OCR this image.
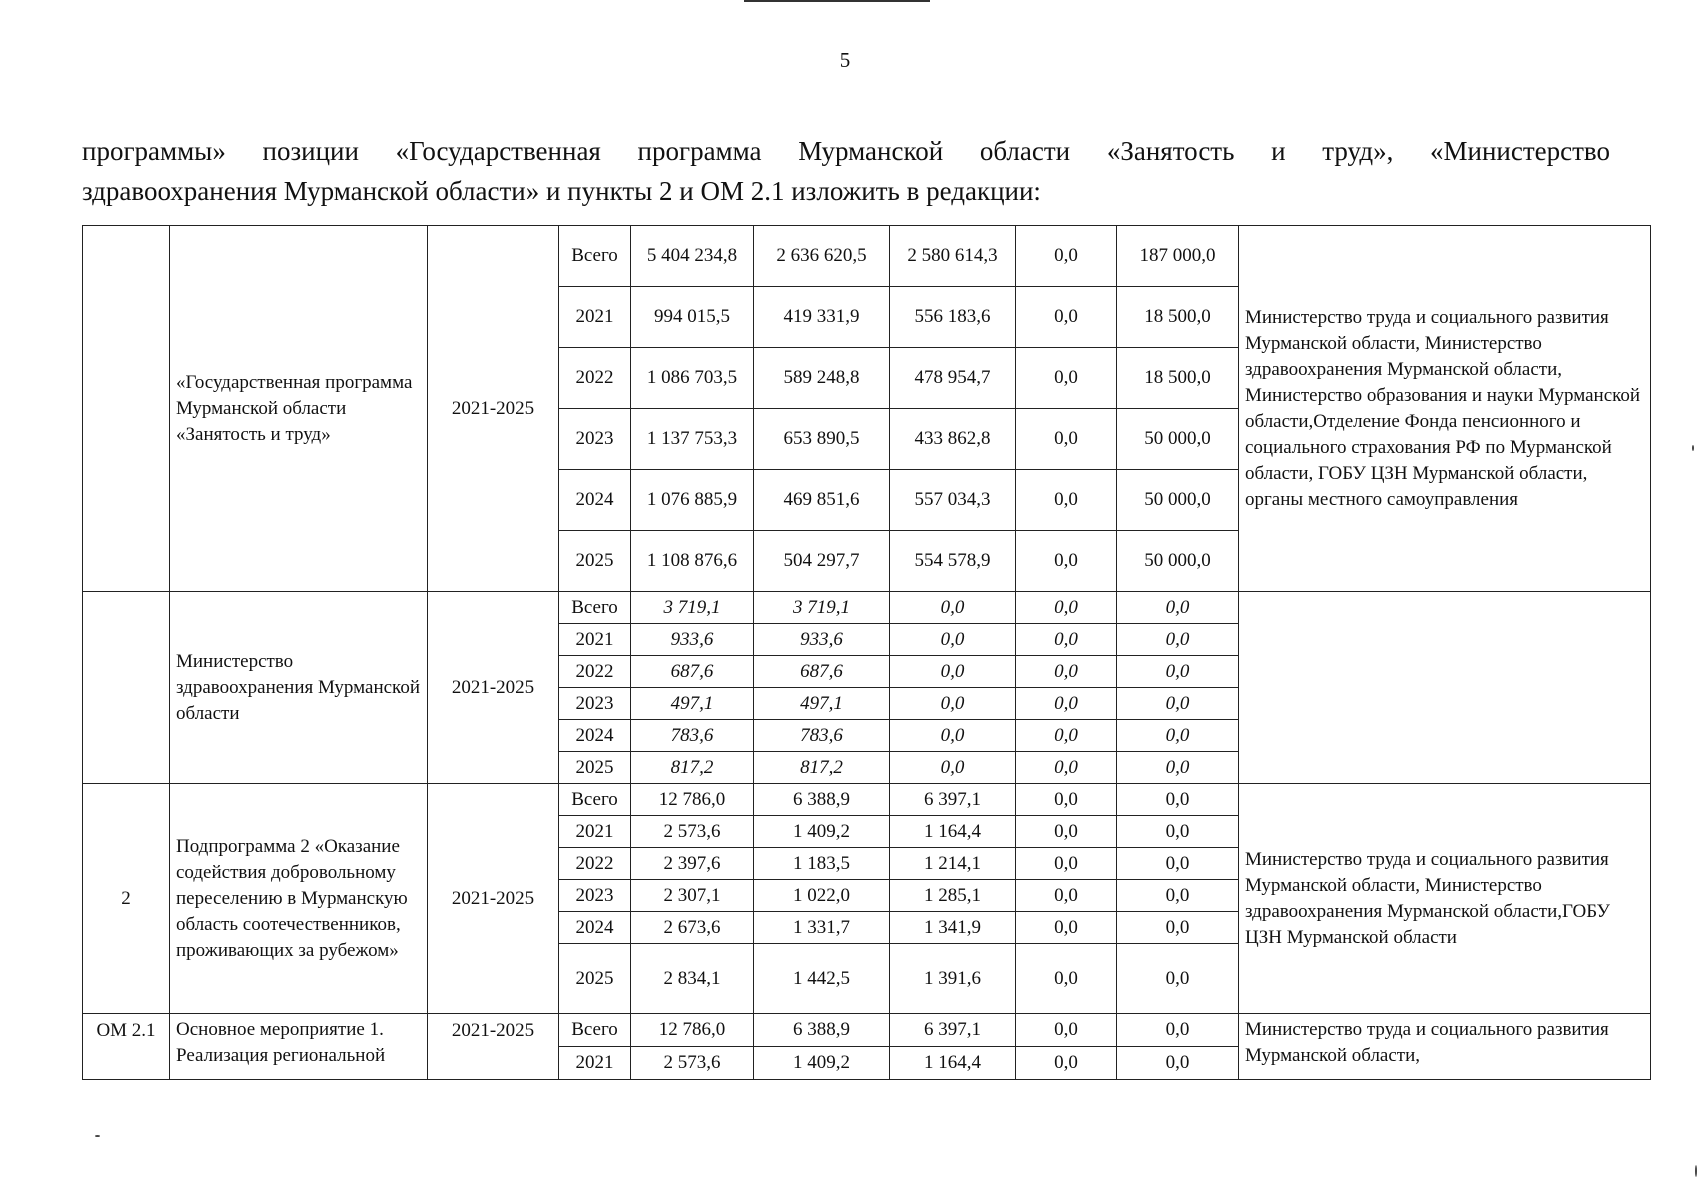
5
программы» позиции «Государственная программа Мурманской области «Занятость и труд», «Министерство
здравоохранения Мурманской области» и пункты 2 и ОМ 2.1 изложить в редакции:
	«Государственная программа Мурманской области «Занятость и труд»	2021-2025	Всего	5 404 234,8	2 636 620,5	2 580 614,3	0,0	187 000,0	Министерство труда и социального развития Мурманской области, Министерство здравоохранения Мурманской области, Министерство образования и науки Мурманской области,Отделение Фонда пенсионного и социального страхования РФ по Мурманской области, ГОБУ ЦЗН Мурманской области, органы местного самоуправления
			2021	994 015,5	419 331,9	556 183,6	0,0	18 500,0	
			2022	1 086 703,5	589 248,8	478 954,7	0,0	18 500,0	
			2023	1 137 753,3	653 890,5	433 862,8	0,0	50 000,0	
			2024	1 076 885,9	469 851,6	557 034,3	0,0	50 000,0	
			2025	1 108 876,6	504 297,7	554 578,9	0,0	50 000,0	
	Министерство здравоохранения Мурманской области	2021-2025	Всего	3 719,1	3 719,1	0,0	0,0	0,0	
			2021	933,6	933,6	0,0	0,0	0,0	
			2022	687,6	687,6	0,0	0,0	0,0	
			2023	497,1	497,1	0,0	0,0	0,0	
			2024	783,6	783,6	0,0	0,0	0,0	
			2025	817,2	817,2	0,0	0,0	0,0	
2	Подпрограмма 2 «Оказание содействия добровольному переселению в Мурманскую область соотечественников, проживающих за рубежом»	2021-2025	Всего	12 786,0	6 388,9	6 397,1	0,0	0,0	Министерство труда и социального развития Мурманской области, Министерство здравоохранения Мурманской области,ГОБУ ЦЗН Мурманской области
			2021	2 573,6	1 409,2	1 164,4	0,0	0,0	
			2022	2 397,6	1 183,5	1 214,1	0,0	0,0	
			2023	2 307,1	1 022,0	1 285,1	0,0	0,0	
			2024	2 673,6	1 331,7	1 341,9	0,0	0,0	
			2025	2 834,1	1 442,5	1 391,6	0,0	0,0	
ОМ 2.1	Основное мероприятие 1. Реализация региональной	2021-2025	Всего	12 786,0	6 388,9	6 397,1	0,0	0,0	Министерство труда и социального развития Мурманской области,
			2021	2 573,6	1 409,2	1 164,4	0,0	0,0	
